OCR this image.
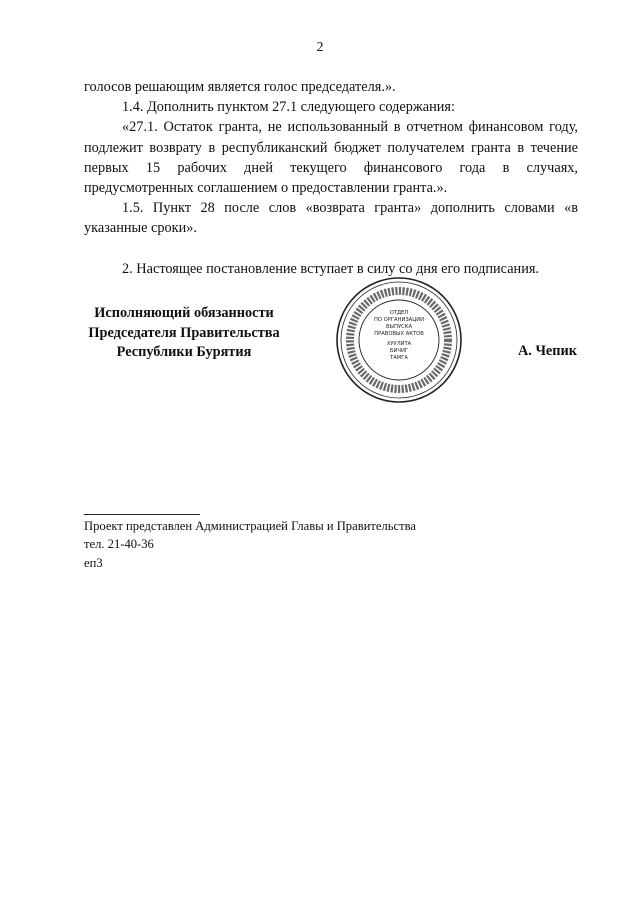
2

голосов решающим является голос председателя.».

1.4. Дополнить пунктом 27.1 следующего содержания:

«27.1. Остаток гранта, не использованный в отчетном финансовом году, подлежит возврату в республиканский бюджет получателем гранта в течение первых 15 рабочих дней текущего финансового года в случаях, предусмотренных соглашением о предоставлении гранта.».

1.5. Пункт 28 после слов «возврата гранта» дополнить словами «в указанные сроки».

2. Настоящее постановление вступает в силу со дня его подписания.

Исполняющий обязанности
Председателя Правительства
Республики Бурятия
ОТДЕЛ
ПО ОРГАНИЗАЦИИ
ВЫПУСКА
ПРАВОВЫХ АКТОВ
ХУУЛИТА
БИЧИГ
ТАМГА	А. Чепик
Проект представлен Администрацией Главы и Правительства
тел. 21-40-36
еп3
